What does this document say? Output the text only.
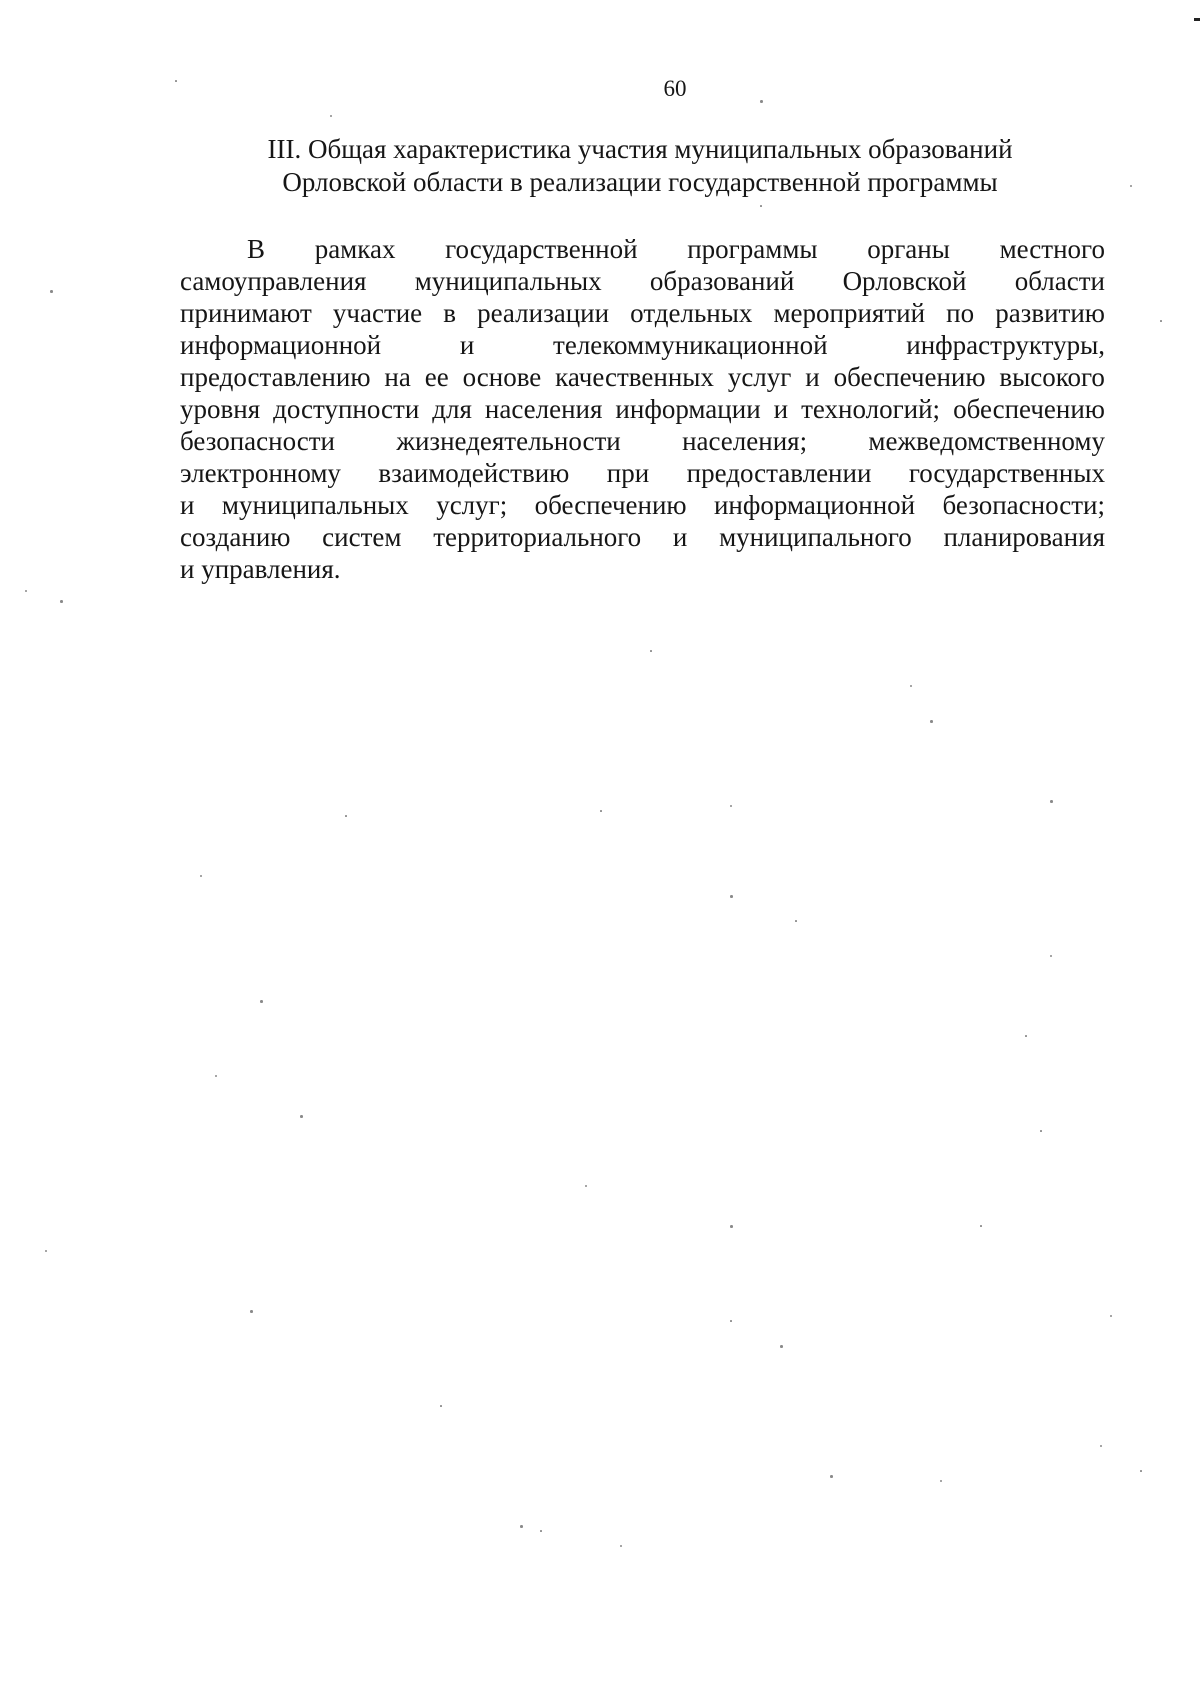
60
III. Общая характеристика участия муниципальных образований
Орловской области в реализации государственной программы
В рамках государственной программы органы местного
самоуправления муниципальных образований Орловской области
принимают участие в реализации отдельных мероприятий по развитию
информационной	и	телекоммуникационной	инфраструктуры,
предоставлению на ее основе качественных услуг и обеспечению высокого
уровня доступности для населения информации и технологий; обеспечению
безопасности жизнедеятельности населения; межведомственному
электронному взаимодействию при предоставлении государственных
и муниципальных услуг; обеспечению информационной безопасности;
созданию систем территориального и муниципального планирования
и управления.
